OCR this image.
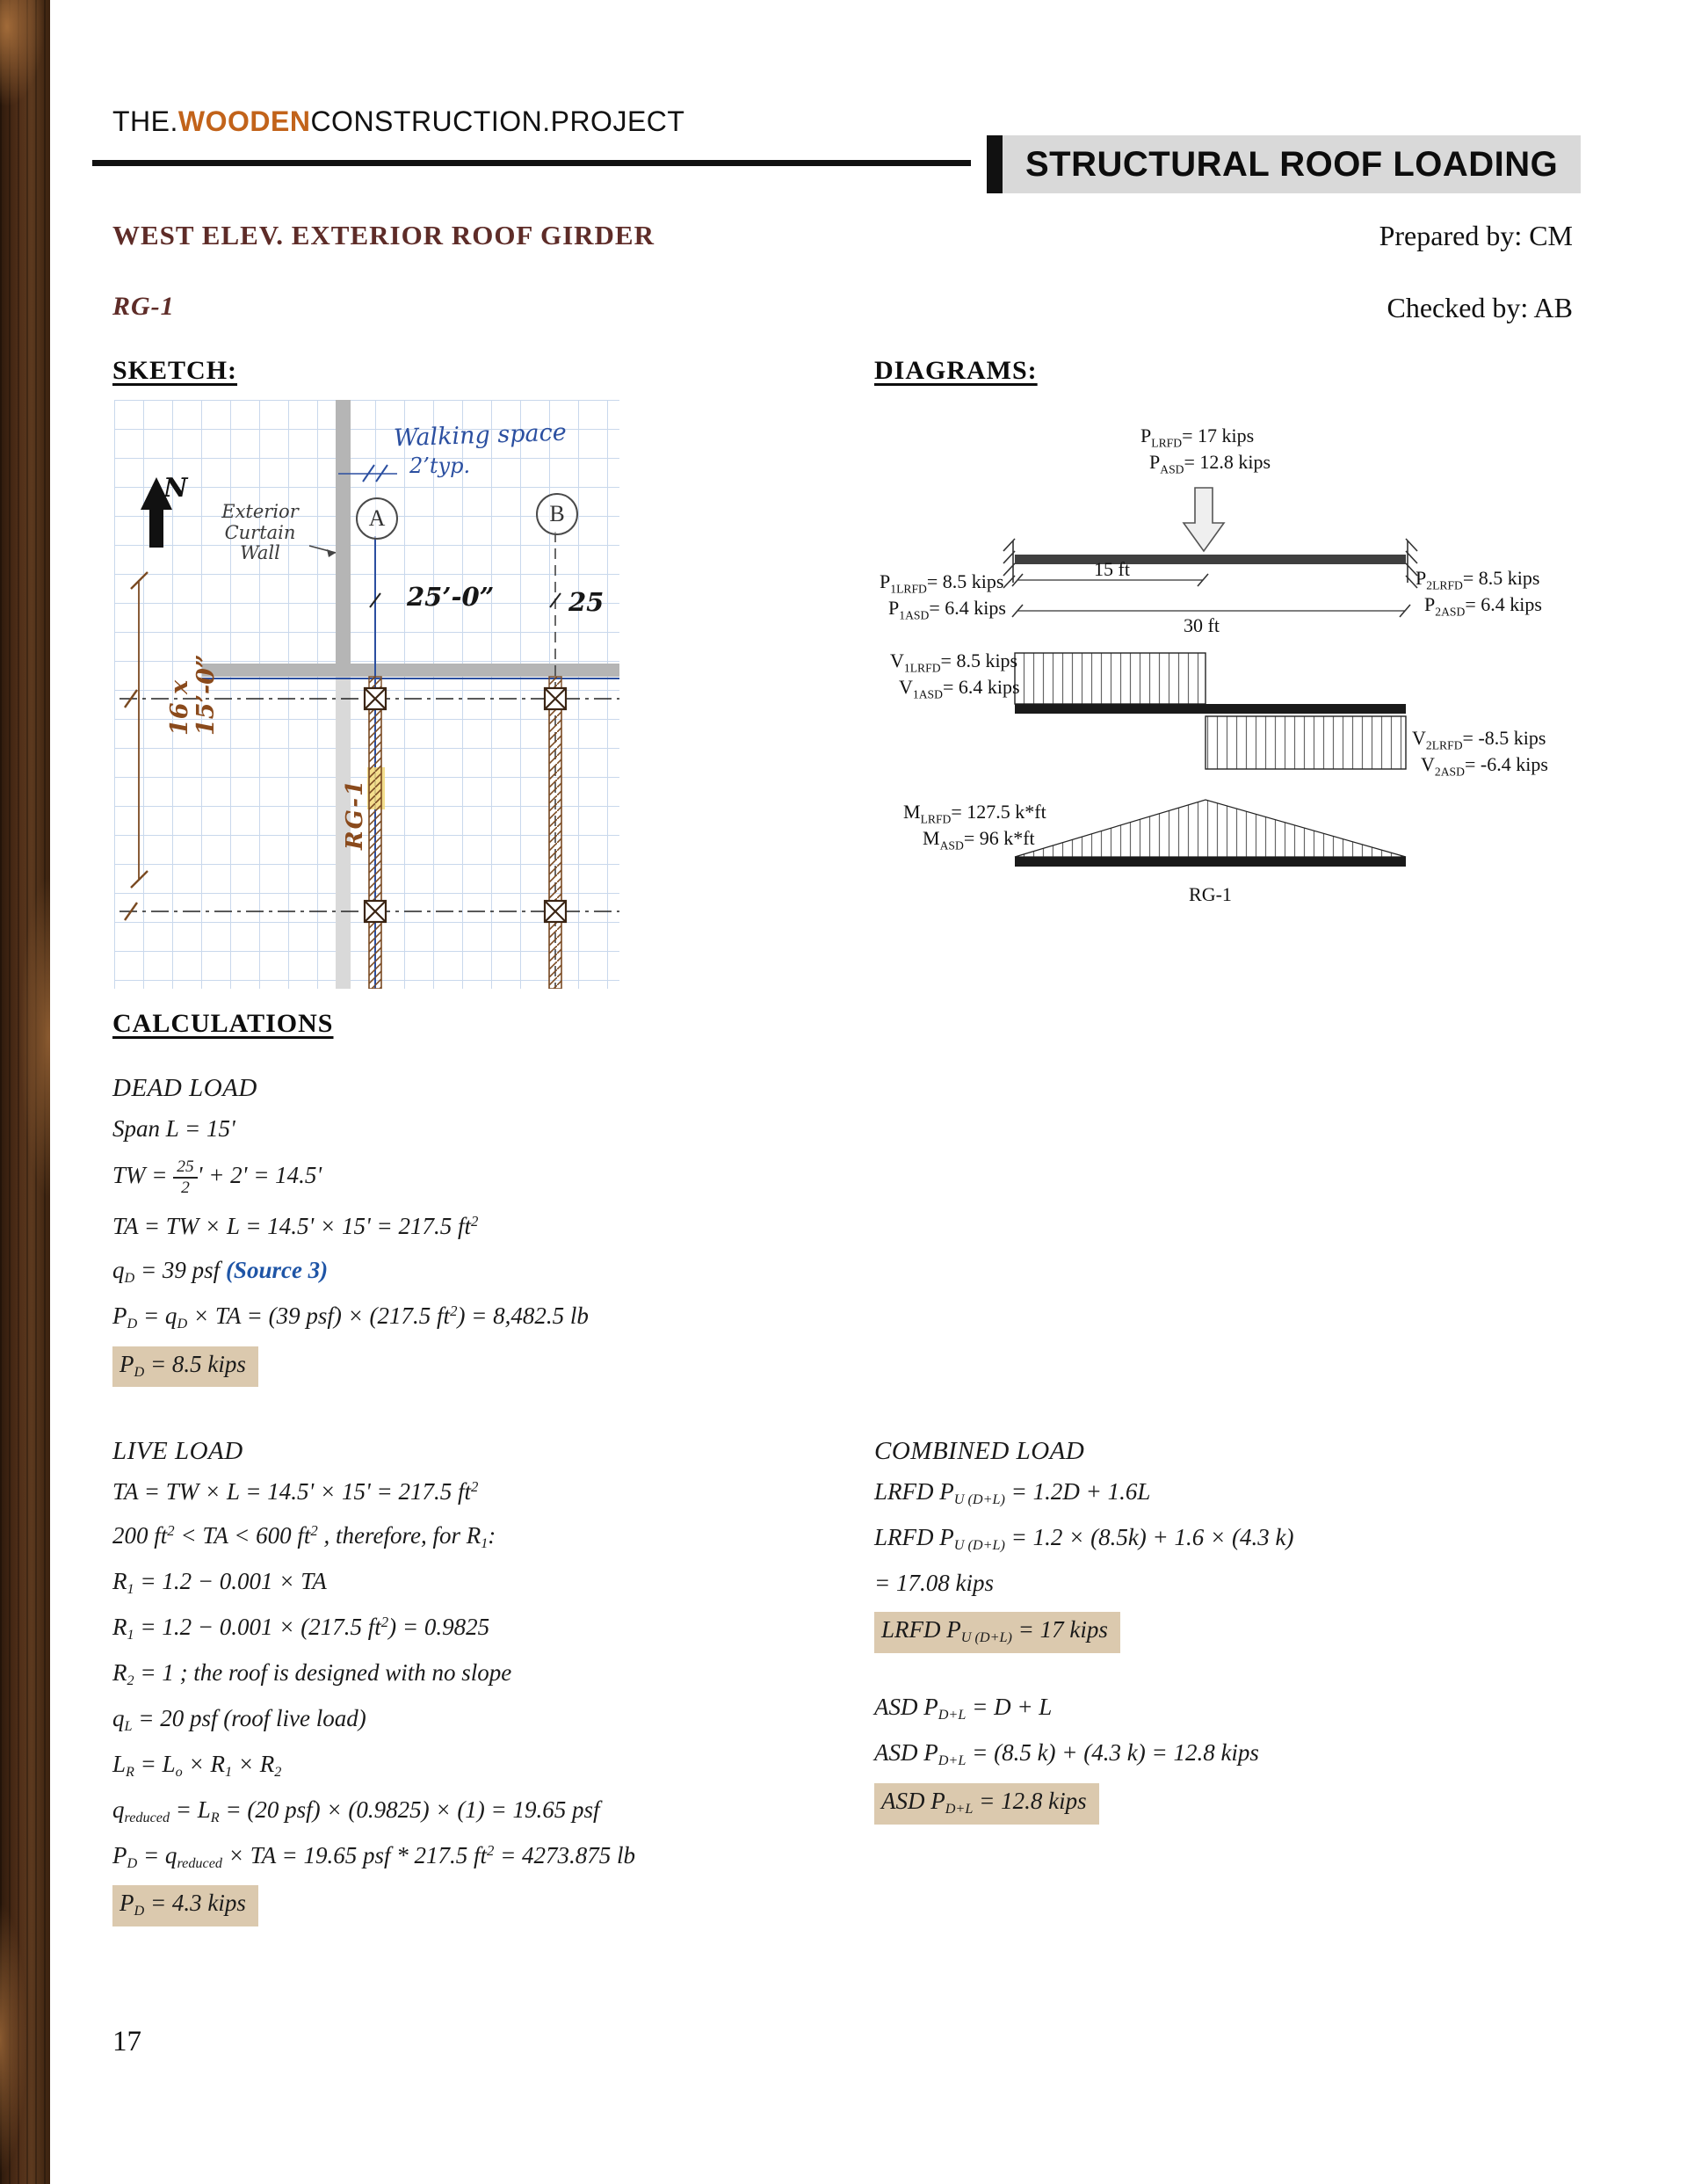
THE.WOODENCONSTRUCTION.PROJECT
STRUCTURAL ROOF LOADING
WEST ELEV. EXTERIOR ROOF GIRDER
RG-1
Prepared by: CM
Checked by: AB
SKETCH:	DIAGRAMS:
Walking space
2’typ.
Exterior
Curtain
Wall
A	B
25’-0”	25
16 x 15’-0”
RG-1
N
$P_{LRFD}= 17$ kips
$P_{ASD}= 12.8$ kips
$P_{1LRFD}= 8.5$ kips
$P_{1ASD}= 6.4$ kips
$P_{2LRFD}= 8.5$ kips
$P_{2ASD}= 6.4$ kips
15 ft
30 ft
$V_{1LRFD}= 8.5$ kips
$V_{1ASD}= 6.4$ kips
$V_{2LRFD}= -8.5$ kips
$V_{2ASD}= -6.4$ kips
$M_{LRFD}= 127.5$ k*ft
$M_{ASD}= 96$ k*ft
RG-1
CALCULATIONS
DEAD LOAD
Span L = 15'
TW = $\frac{25}{2}$ ' + 2' = 14.5'
TA = TW × L = 14.5' × 15' = 217.5 $ft^2$
$q_D = 39$ psf (Source 3)
$P_D = q_D$ × TA = (39 psf) × (217.5 $ft^2) = 8,482.5$ lb
$P_D = 8.5$ kips
LIVE LOAD
TA = TW × L = 14.5' × 15' = 217.5 $ft^2$
200 $ft^2$ < TA < 600 $ft^2$ , therefore, for $R_1$:
$R_1 = 1.2 - 0.001$ × TA
$R_1 = 1.2 - 0.001 \times (217.5$ $ft^2) = 0.9825$
$R_2 = 1$ ; the roof is designed with no slope
$q_L = 20$ psf (roof live load)
$L_R = L_o \times R_1 \times R_2$
$q_{reduced} = L_R = (20$ psf) × (0.9825) × (1) = 19.65 psf
$P_D = q_{reduced}$ × TA = 19.65 psf * 217.5 $ft^2 = 4273.875$ lb
$P_D = 4.3$ kips
COMBINED LOAD
LRFD $P_{U (D+L)} = 1.2D + 1.6L$
LRFD $P_{U (D+L)} = 1.2 \times (8.5k) + 1.6 \times (4.3$ k)
= 17.08 kips
LRFD $P_{U (D+L)} = 17$ kips
ASD $P_{D+L} = D + L$
ASD $P_{D+L} = (8.5$ k) + (4.3 k) = 12.8 kips
ASD $P_{D+L} = 12.8$ kips
17
